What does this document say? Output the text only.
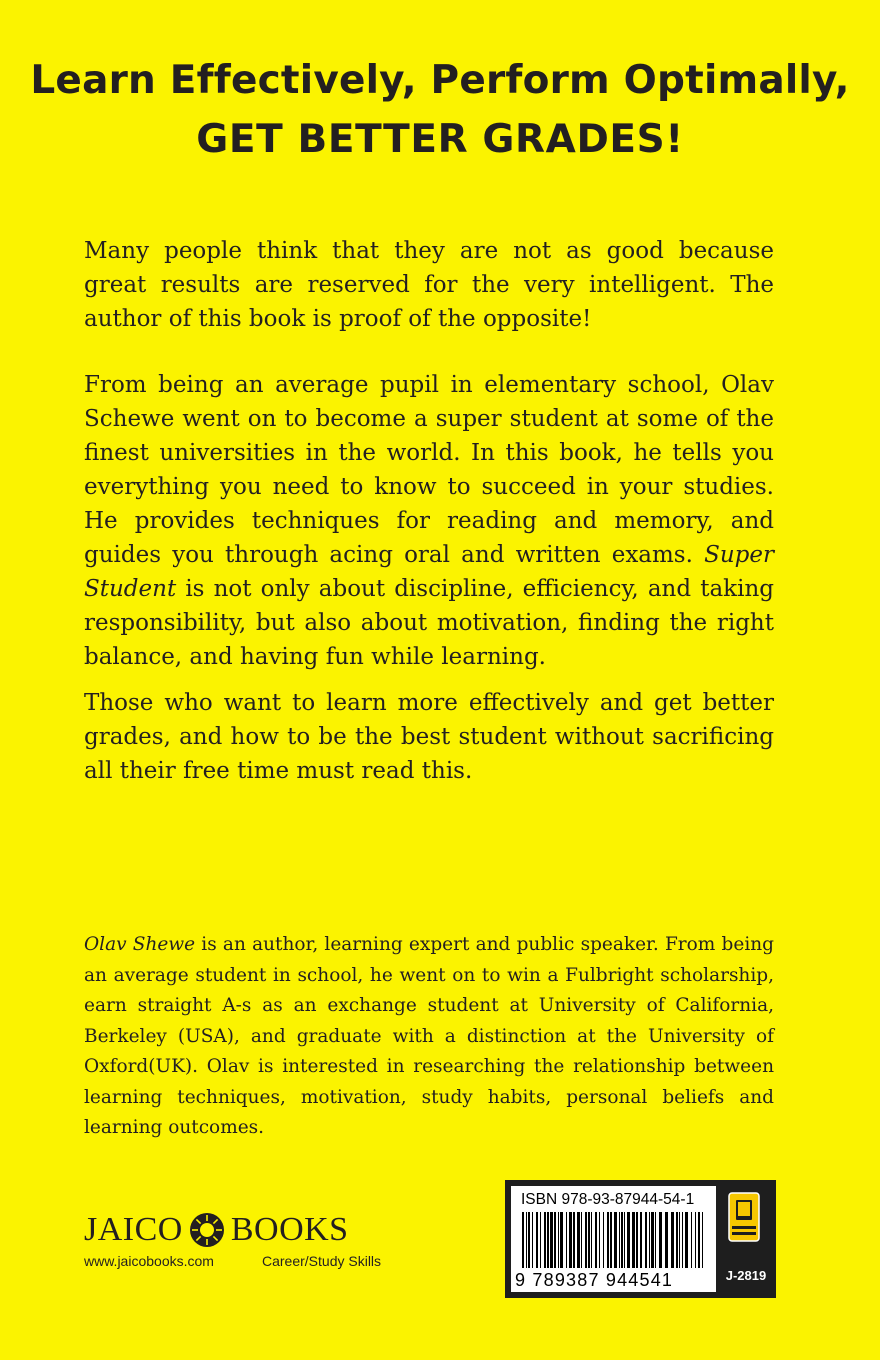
Learn Effectively, Perform Optimally,
GET BETTER GRADES!

Many people think that they are not as good because great results are reserved for the very intelligent. The author of this book is proof of the opposite!

From being an average pupil in elementary school, Olav Schewe went on to become a super student at some of the finest universities in the world. In this book, he tells you everything you need to know to succeed in your studies. He provides techniques for reading and memory, and guides you through acing oral and written exams. Super Student is not only about discipline, efficiency, and taking responsibility, but also about motivation, finding the right balance, and having fun while learning.

Those who want to learn more effectively and get better grades, and how to be the best student without sacrificing all their free time must read this.

Olav Shewe is an author, learning expert and public speaker. From being an average student in school, he went on to win a Fulbright scholarship, earn straight A-s as an exchange student at University of California, Berkeley (USA), and graduate with a distinction at the University of Oxford(UK). Olav is interested in researching the relationship between learning techniques, motivation, study habits, personal beliefs and learning outcomes.

JAICO BOOKS
www.jaicobooks.com	Career/Study Skills
ISBN 978-93-87944-54-1
9 789387 944541	J-2819
